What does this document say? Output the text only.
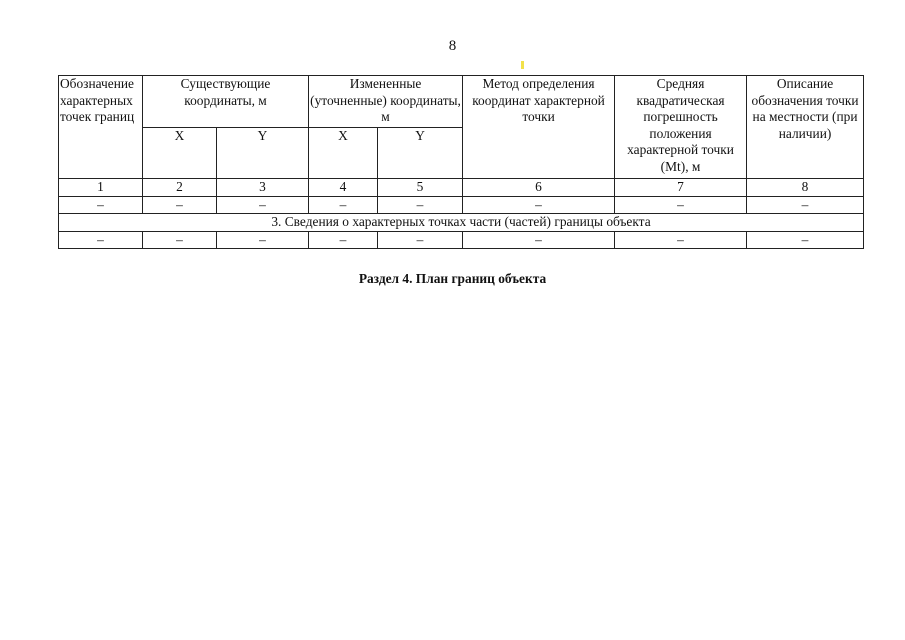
8
Обозначение характерных точек границ	Существующие координаты, м		Измененные (уточненные) координаты, м		Метод определения координат характерной точки	Средняя квадратическая погрешность положения характерной точки (Mt), м	Описание обозначения точки на местности (при наличии)
	X	Y	X	Y			
1	2	3	4	5	6	7	8
–	–	–	–	–	–	–	–
3. Сведения о характерных точках части (частей) границы объекта							
–	–	–	–	–	–	–	–
Раздел 4. План границ объекта
